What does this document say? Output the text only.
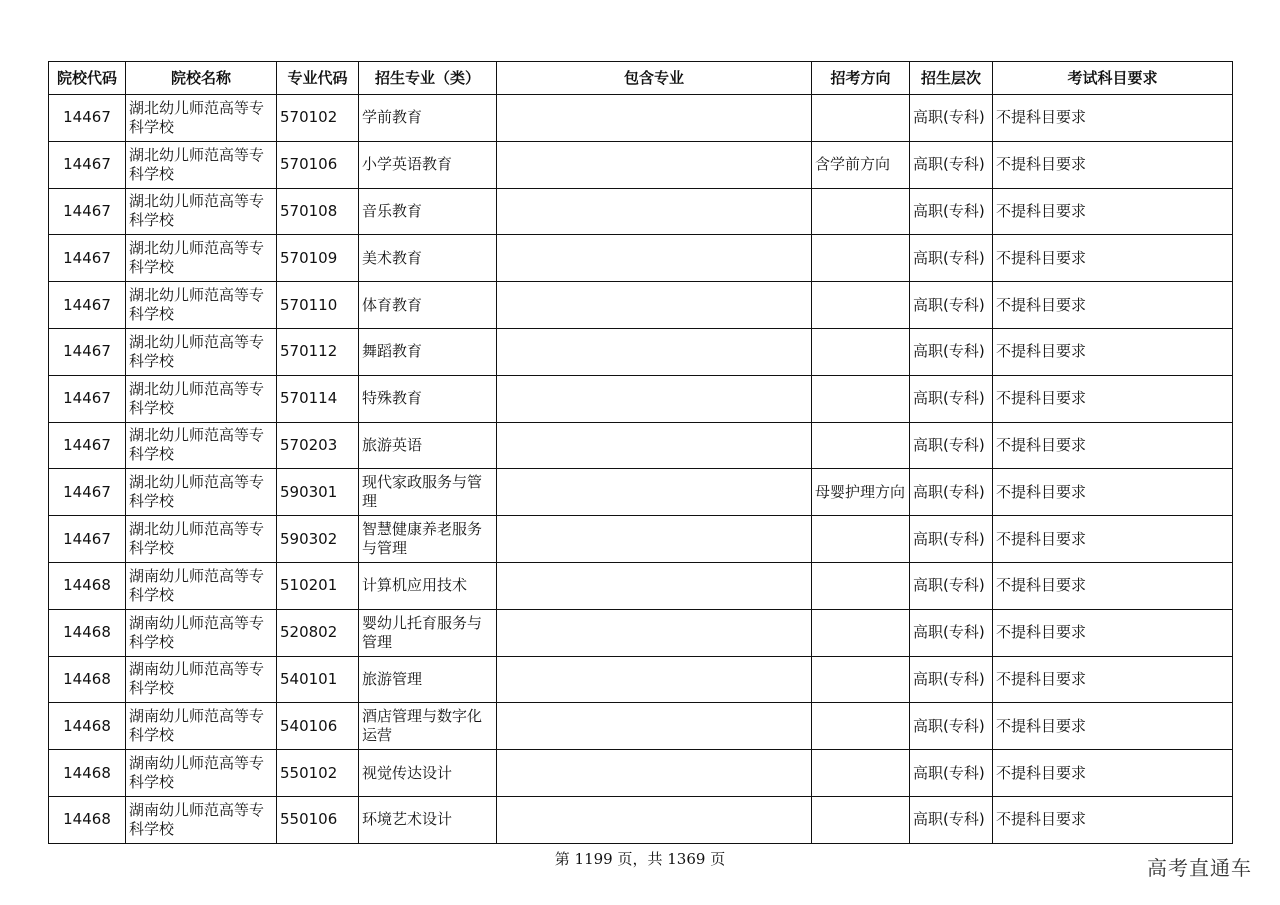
院校代码	院校名称	专业代码	招生专业（类）	包含专业	招考方向	招生层次	考试科目要求
14467	湖北幼儿师范高等专科学校	570102	学前教育			高职(专科)	不提科目要求
14467	湖北幼儿师范高等专科学校	570106	小学英语教育		含学前方向	高职(专科)	不提科目要求
14467	湖北幼儿师范高等专科学校	570108	音乐教育			高职(专科)	不提科目要求
14467	湖北幼儿师范高等专科学校	570109	美术教育			高职(专科)	不提科目要求
14467	湖北幼儿师范高等专科学校	570110	体育教育			高职(专科)	不提科目要求
14467	湖北幼儿师范高等专科学校	570112	舞蹈教育			高职(专科)	不提科目要求
14467	湖北幼儿师范高等专科学校	570114	特殊教育			高职(专科)	不提科目要求
14467	湖北幼儿师范高等专科学校	570203	旅游英语			高职(专科)	不提科目要求
14467	湖北幼儿师范高等专科学校	590301	现代家政服务与管理		母婴护理方向	高职(专科)	不提科目要求
14467	湖北幼儿师范高等专科学校	590302	智慧健康养老服务与管理			高职(专科)	不提科目要求
14468	湖南幼儿师范高等专科学校	510201	计算机应用技术			高职(专科)	不提科目要求
14468	湖南幼儿师范高等专科学校	520802	婴幼儿托育服务与管理			高职(专科)	不提科目要求
14468	湖南幼儿师范高等专科学校	540101	旅游管理			高职(专科)	不提科目要求
14468	湖南幼儿师范高等专科学校	540106	酒店管理与数字化运营			高职(专科)	不提科目要求
14468	湖南幼儿师范高等专科学校	550102	视觉传达设计			高职(专科)	不提科目要求
14468	湖南幼儿师范高等专科学校	550106	环境艺术设计			高职(专科)	不提科目要求
第 1199 页，共 1369 页	高考直通车
